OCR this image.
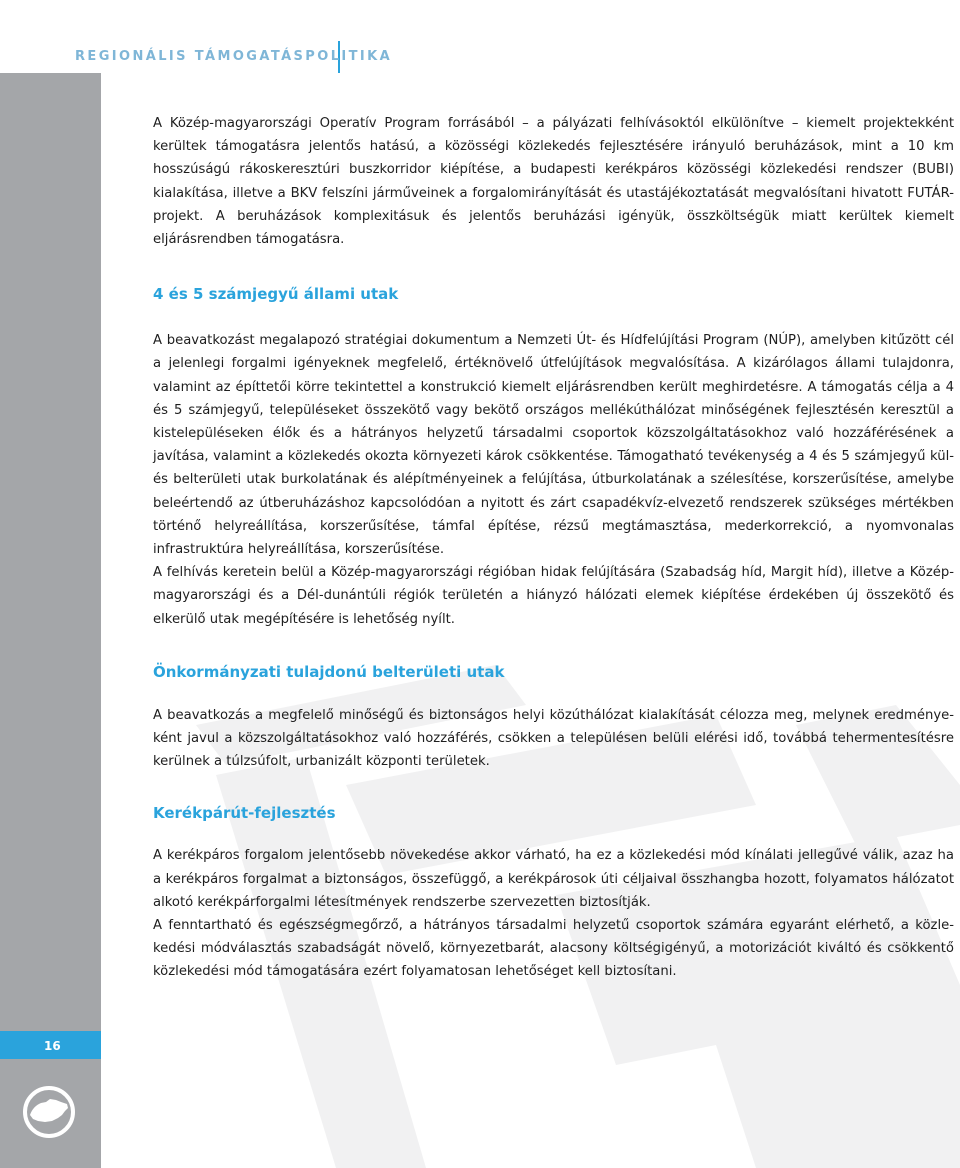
REGIONÁLIS TÁMOGATÁSPOLITIKA

A Közép-magyarországi Operatív Program forrásából – a pályázati felhívásoktól elkülönítve – kiemelt projektekként kerültek támogatásra jelentős hatású, a közösségi közlekedés fejlesztésére irányuló beruházások, mint a 10 km hosszúságú rákoskeresztúri buszkorridor kiépítése, a budapesti kerékpáros közösségi közlekedési rendszer (BUBI) kialakítása, illetve a BKV felszíni járműveinek a forgalomirányítását és utastájékoztatását megvalósítani hivatott FUTÁR-projekt. A beruházások komplexitásuk és jelentős beruházási igényük, összköltségük miatt kerültek kiemelt eljárásrendben támogatásra.

4 és 5 számjegyű állami utak

A beavatkozást megalapozó stratégiai dokumentum a Nemzeti Út- és Hídfelújítási Program (NÚP), amelyben kitűzött cél a jelenlegi forgalmi igényeknek megfelelő, értéknövelő útfelújítások megvalósítása. A kizárólagos állami tulajdonra, valamint az építtetői körre tekintettel a konstrukció kiemelt eljárásrendben került meghirdetésre. A támogatás célja a 4 és 5 számjegyű, településeket összekötő vagy bekötő országos mellékúthálózat minőségének fejlesztésén keresztül a kistelepüléseken élők és a hátrányos helyzetű társadalmi csoportok közszolgáltatásokhoz való hozzáférésének a javítása, valamint a közlekedés okozta környezeti károk csökkentése. Támogatható tevékenység a 4 és 5 számjegyű kül- és belterületi utak burkolatának és alépítményeinek a felújítása, útburkolatának a szélesítése, korszerűsítése, amelybe beleértendő az útberuházáshoz kapcsolódóan a nyitott és zárt csapadékvíz-elvezető rendszerek szükséges mértékben történő helyreállítása, korszerűsítése, támfal építése, rézsű megtámasztása, mederkorrekció, a nyomvonalas infrastruktúra helyreállítása, korszerűsítése.

A felhívás keretein belül a Közép-magyarországi régióban hidak felújítására (Szabadság híd, Margit híd), illetve a Közép-magyarországi és a Dél-dunántúli régiók területén a hiányzó hálózati elemek kiépítése érdekében új összekötő és elkerülő utak megépítésére is lehetőség nyílt.

Önkormányzati tulajdonú belterületi utak

A beavatkozás a megfelelő minőségű és biztonságos helyi közúthálózat kialakítását célozza meg, melynek eredményeként javul a közszolgáltatásokhoz való hozzáférés, csökken a településen belüli elérési idő, továbbá tehermentesítésre kerülnek a túlzsúfolt, urbanizált központi területek.

Kerékpárút-fejlesztés

A kerékpáros forgalom jelentősebb növekedése akkor várható, ha ez a közlekedési mód kínálati jellegűvé válik, azaz ha a kerékpáros forgalmat a biztonságos, összefüggő, a kerékpárosok úti céljaival összhangba hozott, folyamatos hálózatot alkotó kerékpárforgalmi létesítmények rendszerbe szervezetten biztosítják.

A fenntartható és egészségmegőrző, a hátrányos társadalmi helyzetű csoportok számára egyaránt elérhető, a közlekedési módválasztás szabadságát növelő, környezetbarát, alacsony költségigényű, a motorizációt kiváltó és csökkentő közlekedési mód támogatására ezért folyamatosan lehetőséget kell biztosítani.

16
